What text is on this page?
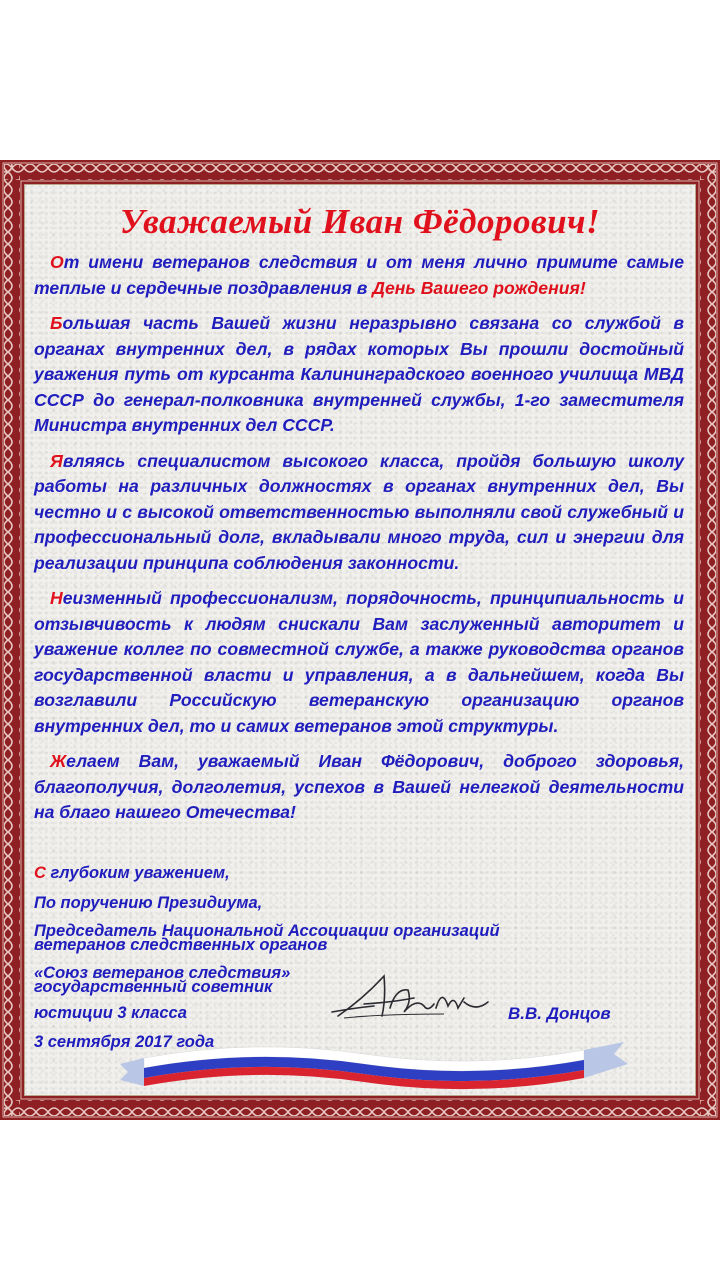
Уважаемый Иван Фёдорович!

От имени ветеранов следствия и от меня лично примите самые теплые и сердечные поздравления в День Вашего рождения!

Большая часть Вашей жизни неразрывно связана со службой в органах внутренних дел, в рядах которых Вы прошли достойный уважения путь от курсанта Калининградского военного училища МВД СССР до генерал-полковника внутренней службы, 1-го заместителя Министра внутренних дел СССР.

Являясь специалистом высокого класса, пройдя большую школу работы на различных должностях в органах внутренних дел, Вы честно и с высокой ответственностью выполняли свой служебный и профессиональный долг, вкладывали много труда, сил и энергии для реализации принципа соблюдения законности.

Неизменный профессионализм, порядочность, принципиальность и отзывчивость к людям снискали Вам заслуженный авторитет и уважение коллег по совместной службе, а также руководства органов государственной власти и управления, а в дальнейшем, когда Вы возглавили Российскую ветеранскую организацию органов внутренних дел, то и самих ветеранов этой структуры.

Желаем Вам, уважаемый Иван Фёдорович, доброго здоровья, благополучия, долголетия, успехов в Вашей нелегкой деятельности на благо нашего Отечества!

С глубоким уважением,
По поручению Президиума,
Председатель Национальной Ассоциации организаций
ветеранов следственных органов
«Союз ветеранов следствия»
государственный советник
юстиции 3 класса
3 сентября 2017 года
В.В. Донцов
